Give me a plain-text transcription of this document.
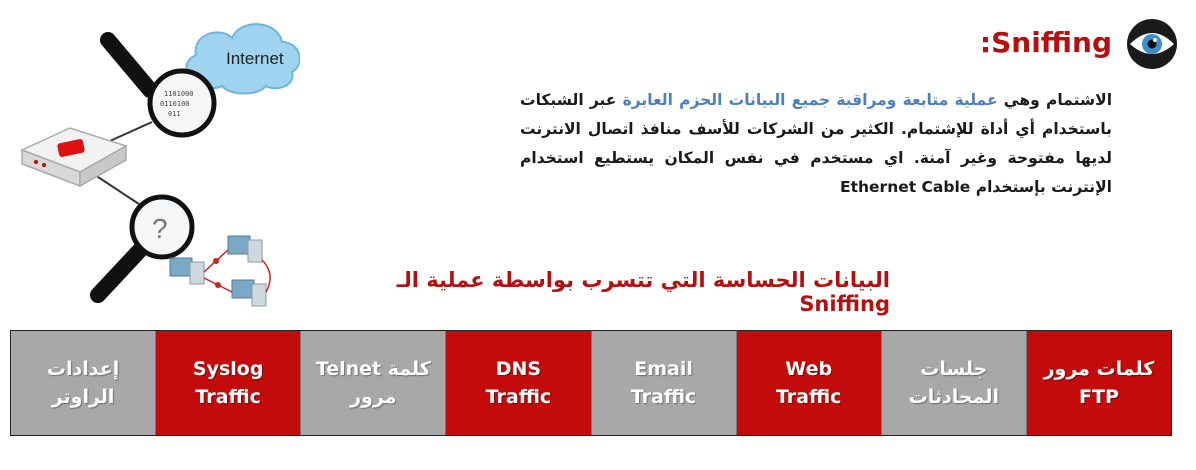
Internet
1101000
0110100
011
?
:Sniffing
الاشتمام وهي عملية متابعة ومراقبة جميع البيانات الحزم العابرة عبر الشبكات باستخدام أي أداة للإشتمام. الكثير من الشركات للأسف منافذ اتصال الانترنت لديها مفتوحة وغير آمنة. اي مستخدم في نفس المكان يستطيع استخدام الإنترنت بإستخدام Ethernet Cable
البيانات الحساسة التي تتسرب بواسطة عملية الـ Sniffing
كلمات مرور
FTP
جلسات
المحادثات
Web
Traffic
Email
Traffic
DNS
Traffic
Telnet كلمة
مرور
Syslog
Traffic
إعدادات
الراوتر
